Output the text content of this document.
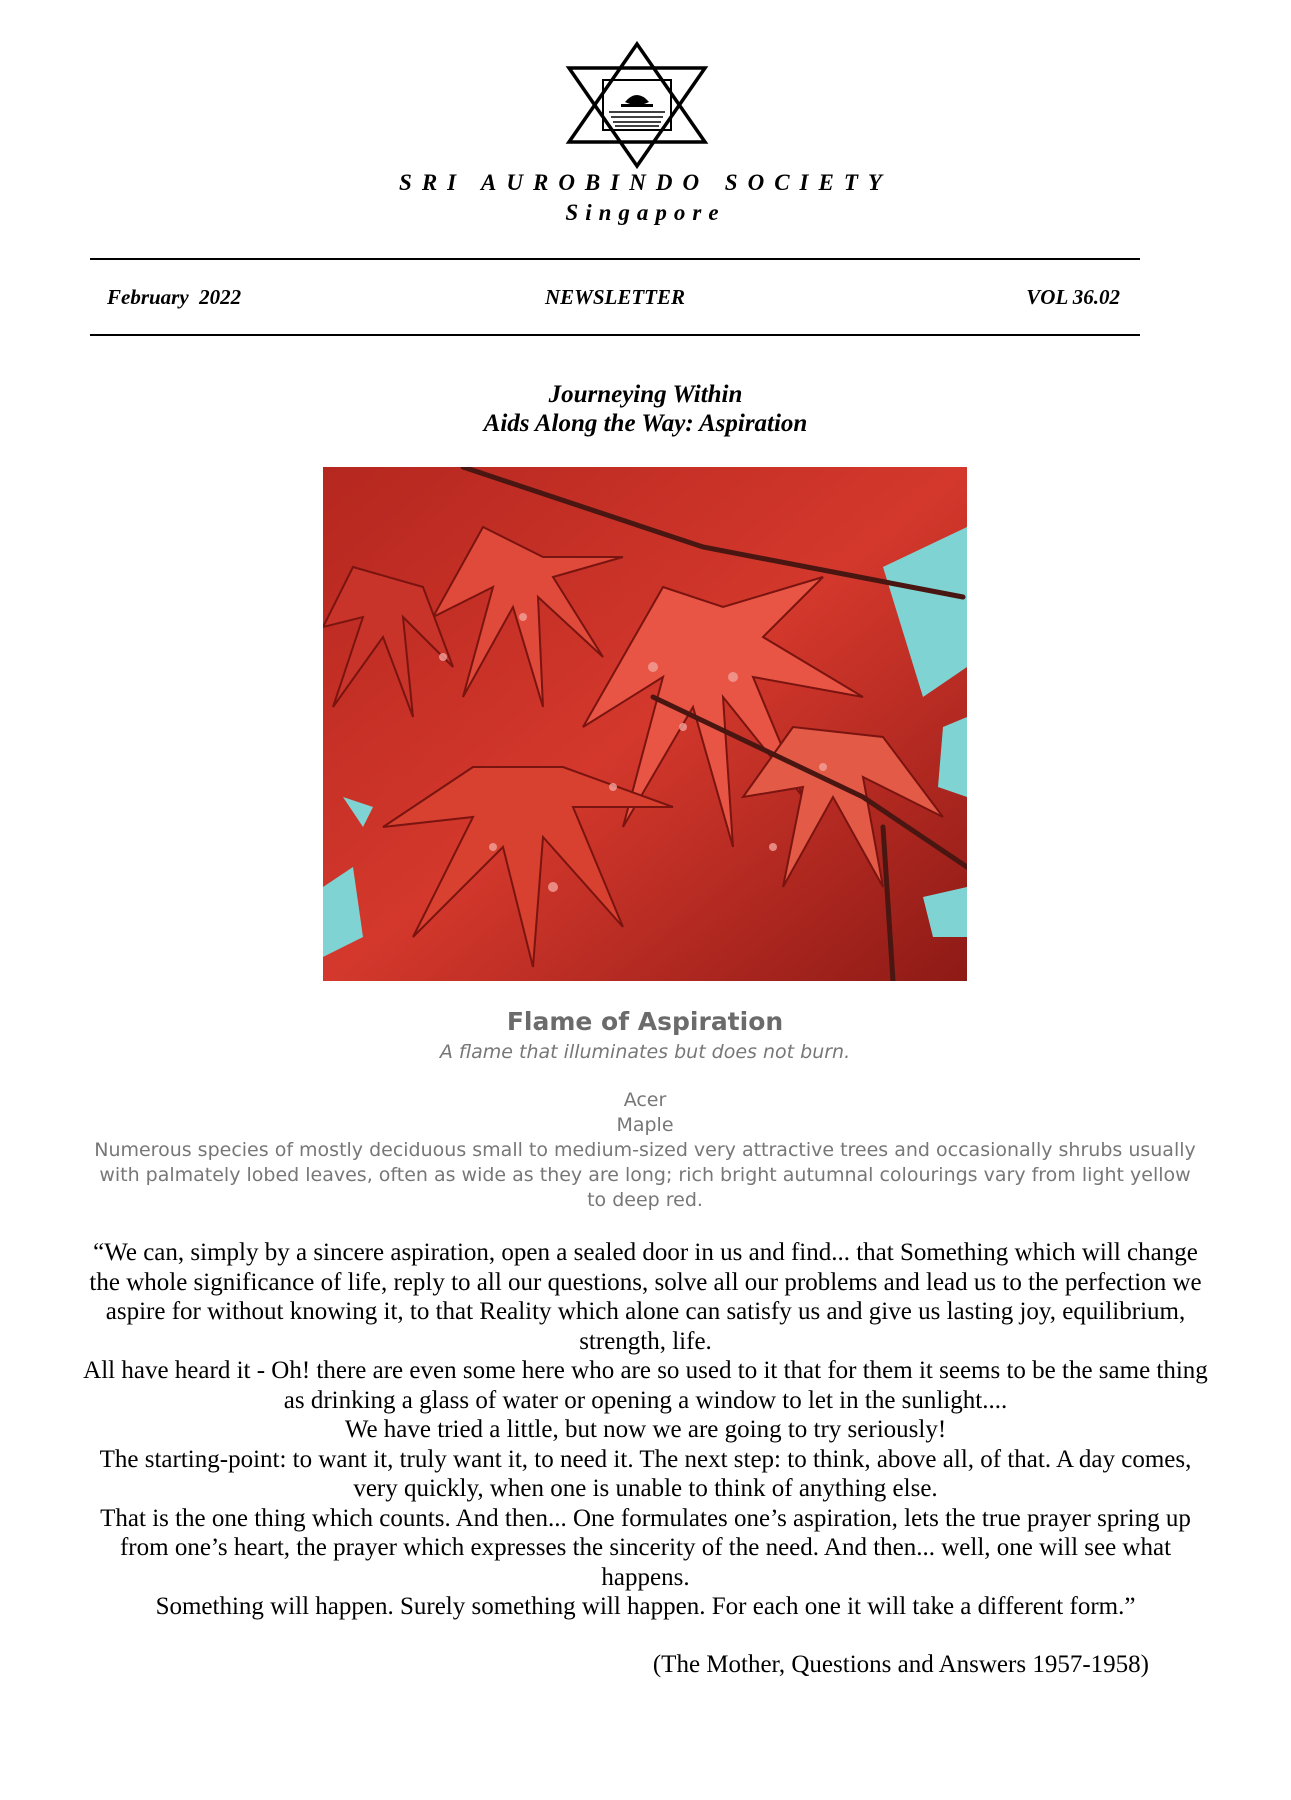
SRI AUROBINDO SOCIETY
Singapore
February  2022	NEWSLETTER	VOL 36.02
Journeying Within
Aids Along the Way: Aspiration
Flame of Aspiration
A flame that illuminates but does not burn.
Acer
Maple
Numerous species of mostly deciduous small to medium-sized very attractive trees and occasionally shrubs usually with palmately lobed leaves, often as wide as they are long; rich bright autumnal colourings vary from light yellow to deep red.

“We can, simply by a sincere aspiration, open a sealed door in us and find... that Something which will change the whole significance of life, reply to all our questions, solve all our problems and lead us to the perfection we aspire for without knowing it, to that Reality which alone can satisfy us and give us lasting joy, equilibrium, strength, life.

All have heard it - Oh! there are even some here who are so used to it that for them it seems to be the same thing as drinking a glass of water or opening a window to let in the sunlight....

We have tried a little, but now we are going to try seriously!

The starting-point: to want it, truly want it, to need it. The next step: to think, above all, of that. A day comes, very quickly, when one is unable to think of anything else.

That is the one thing which counts. And then... One formulates one’s aspiration, lets the true prayer spring up from one’s heart, the prayer which expresses the sincerity of the need. And then... well, one will see what happens.

Something will happen. Surely something will happen. For each one it will take a different form.”

(The Mother, Questions and Answers 1957-1958)
